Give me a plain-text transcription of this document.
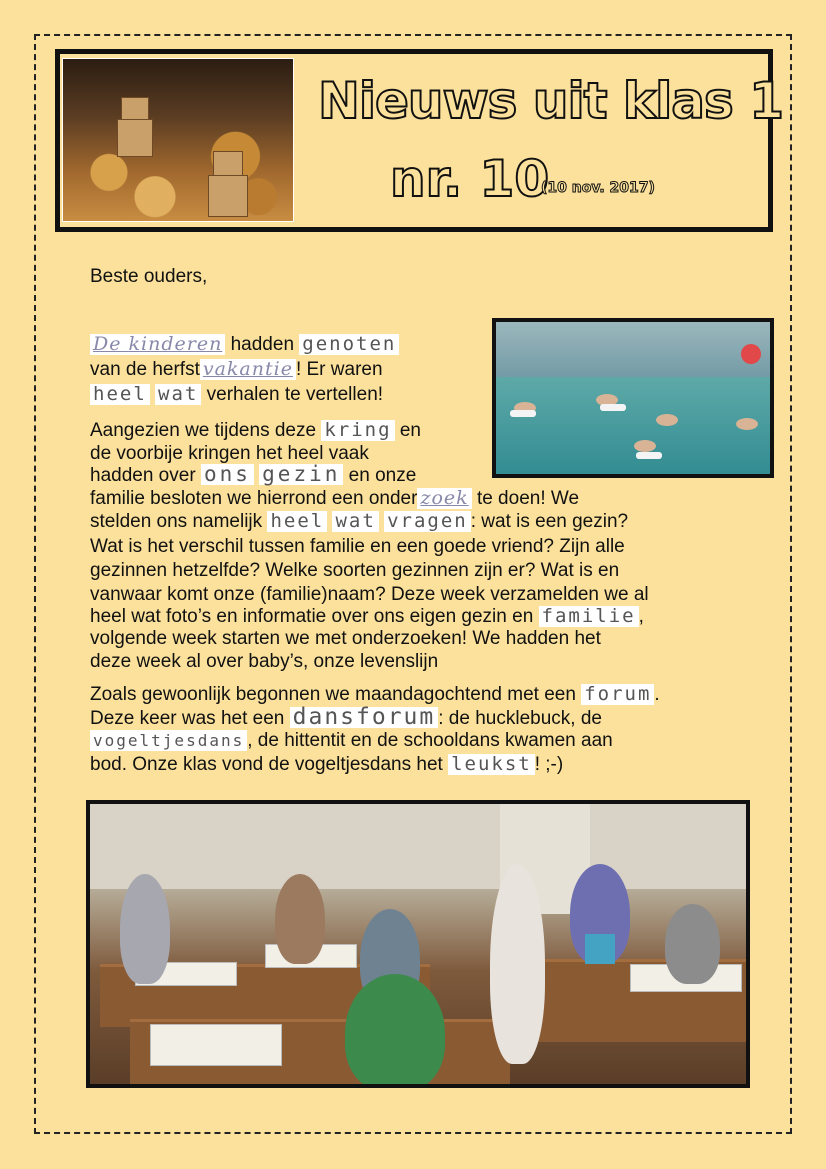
Nieuws uit klas 1
nr. 10
(10 nov. 2017)
Beste ouders,
De kinderen hadden genoten
van de herfst vakantie ! Er waren
heel wat verhalen te vertellen!
Aangezien we tijdens deze kring en
de voorbije kringen het heel vaak
hadden over ons gezin en onze
familie besloten we hierrond een onder zoek te doen! We
stelden ons namelijk heel wat vragen : wat is een gezin?
Wat is het verschil tussen familie en een goede vriend? Zijn alle
gezinnen hetzelfde? Welke soorten gezinnen zijn er? Wat is en
vanwaar komt onze (familie)naam? Deze week verzamelden we al
heel wat foto’s en informatie over ons eigen gezin en familie ,
volgende week starten we met onderzoeken! We hadden het
deze week al over baby’s, onze levenslijn
Zoals gewoonlijk begonnen we maandagochtend met een forum .
Deze keer was het een dansforum : de hucklebuck, de
vogeltjesdans , de hittentit en de schooldans kwamen aan
bod. Onze klas vond de vogeltjesdans het leukst ! ;-)
